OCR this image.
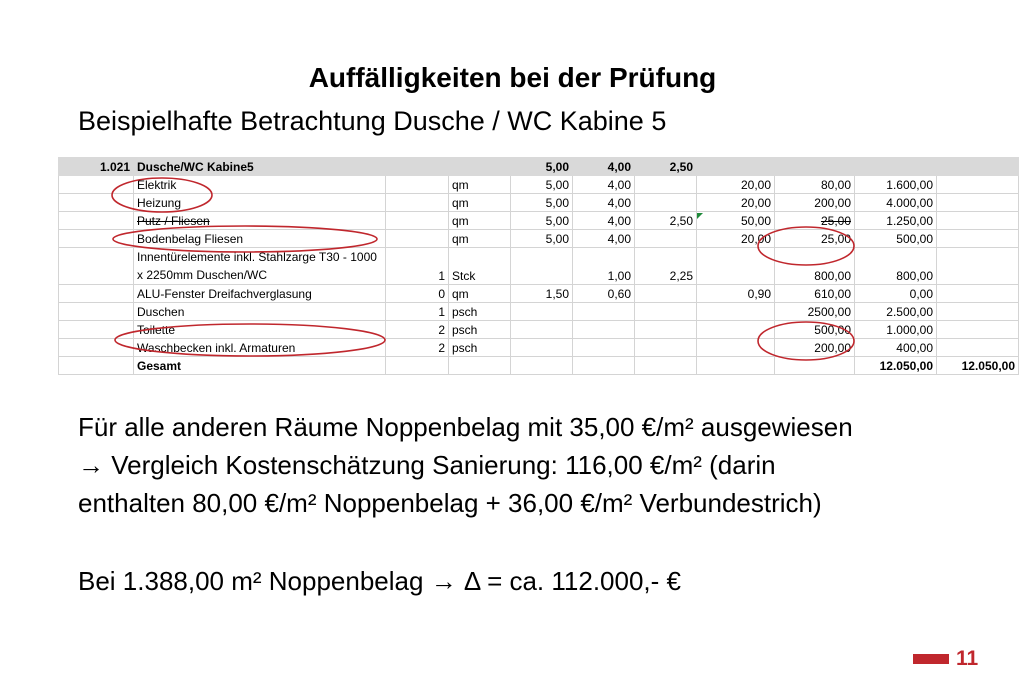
Auffälligkeiten bei der Prüfung
Beispielhafte Betrachtung Dusche / WC Kabine 5
1.021	Dusche/WC Kabine5			5,00	4,00	2,50				
	Elektrik		qm	5,00	4,00		20,00	80,00	1.600,00	
	Heizung		qm	5,00	4,00		20,00	200,00	4.000,00	
	Putz / Fliesen		qm	5,00	4,00	2,50	50,00	25,00	1.250,00	
	Bodenbelag Fliesen		qm	5,00	4,00		20,00	25,00	500,00	
	Innentürelemente inkl. Stahlzarge T30 - 1000 x 2250mm Duschen/WC	1	Stck		1,00	2,25		800,00	800,00	
	ALU-Fenster Dreifachverglasung	0	qm	1,50	0,60		0,90	610,00	0,00	
	Duschen	1	psch					2500,00	2.500,00	
	Toilette	2	psch					500,00	1.000,00	
	Waschbecken inkl. Armaturen	2	psch					200,00	400,00	
	Gesamt								12.050,00	12.050,00
Für alle anderen Räume Noppenbelag mit 35,00 €/m² ausgewiesen
→ Vergleich Kostenschätzung Sanierung: 116,00 €/m² (darin
enthalten 80,00 €/m² Noppenbelag + 36,00 €/m² Verbundestrich)
Bei 1.388,00 m² Noppenbelag → Δ = ca. 112.000,- €
11
